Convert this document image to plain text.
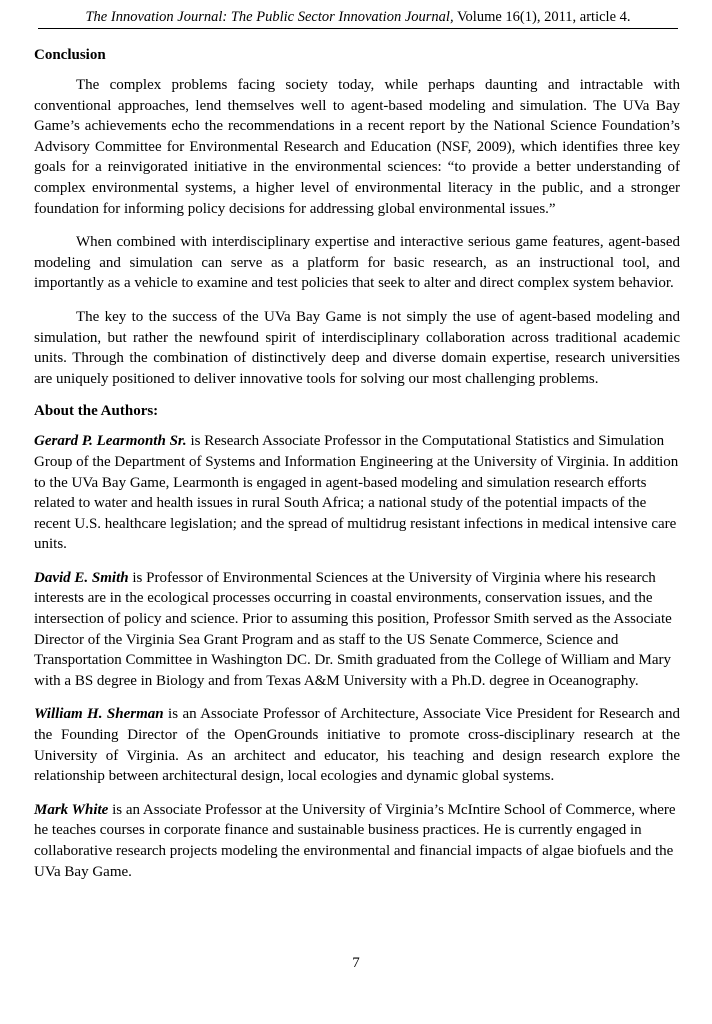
The Innovation Journal: The Public Sector Innovation Journal, Volume 16(1), 2011, article 4.
Conclusion

The complex problems facing society today, while perhaps daunting and intractable with conventional approaches, lend themselves well to agent-based modeling and simulation. The UVa Bay Game’s achievements echo the recommendations in a recent report by the National Science Foundation’s Advisory Committee for Environmental Research and Education (NSF, 2009), which identifies three key goals for a reinvigorated initiative in the environmental sciences: “to provide a better understanding of complex environmental systems, a higher level of environmental literacy in the public, and a stronger foundation for informing policy decisions for addressing global environmental issues.”

When combined with interdisciplinary expertise and interactive serious game features, agent-based modeling and simulation can serve as a platform for basic research, as an instructional tool, and importantly as a vehicle to examine and test policies that seek to alter and direct complex system behavior.

The key to the success of the UVa Bay Game is not simply the use of agent-based modeling and simulation, but rather the newfound spirit of interdisciplinary collaboration across traditional academic units. Through the combination of distinctively deep and diverse domain expertise, research universities are uniquely positioned to deliver innovative tools for solving our most challenging problems.

About the Authors:

Gerard P. Learmonth Sr. is Research Associate Professor in the Computational Statistics and Simulation Group of the Department of Systems and Information Engineering at the University of Virginia. In addition to the UVa Bay Game, Learmonth is engaged in agent-based modeling and simulation research efforts related to water and health issues in rural South Africa; a national study of the potential impacts of the recent U.S. healthcare legislation; and the spread of multidrug resistant infections in medical intensive care units.

David E. Smith is Professor of Environmental Sciences at the University of Virginia where his research interests are in the ecological processes occurring in coastal environments, conservation issues, and the intersection of policy and science. Prior to assuming this position, Professor Smith served as the Associate Director of the Virginia Sea Grant Program and as staff to the US Senate Commerce, Science and Transportation Committee in Washington DC. Dr. Smith graduated from the College of William and Mary with a BS degree in Biology and from Texas A&M University with a Ph.D. degree in Oceanography.

William H. Sherman is an Associate Professor of Architecture, Associate Vice President for Research and the Founding Director of the OpenGrounds initiative to promote cross-disciplinary research at the University of Virginia. As an architect and educator, his teaching and design research explore the relationship between architectural design, local ecologies and dynamic global systems.

Mark White is an Associate Professor at the University of Virginia’s McIntire School of Commerce, where he teaches courses in corporate finance and sustainable business practices. He is currently engaged in collaborative research projects modeling the environmental and financial impacts of algae biofuels and the UVa Bay Game.

7
